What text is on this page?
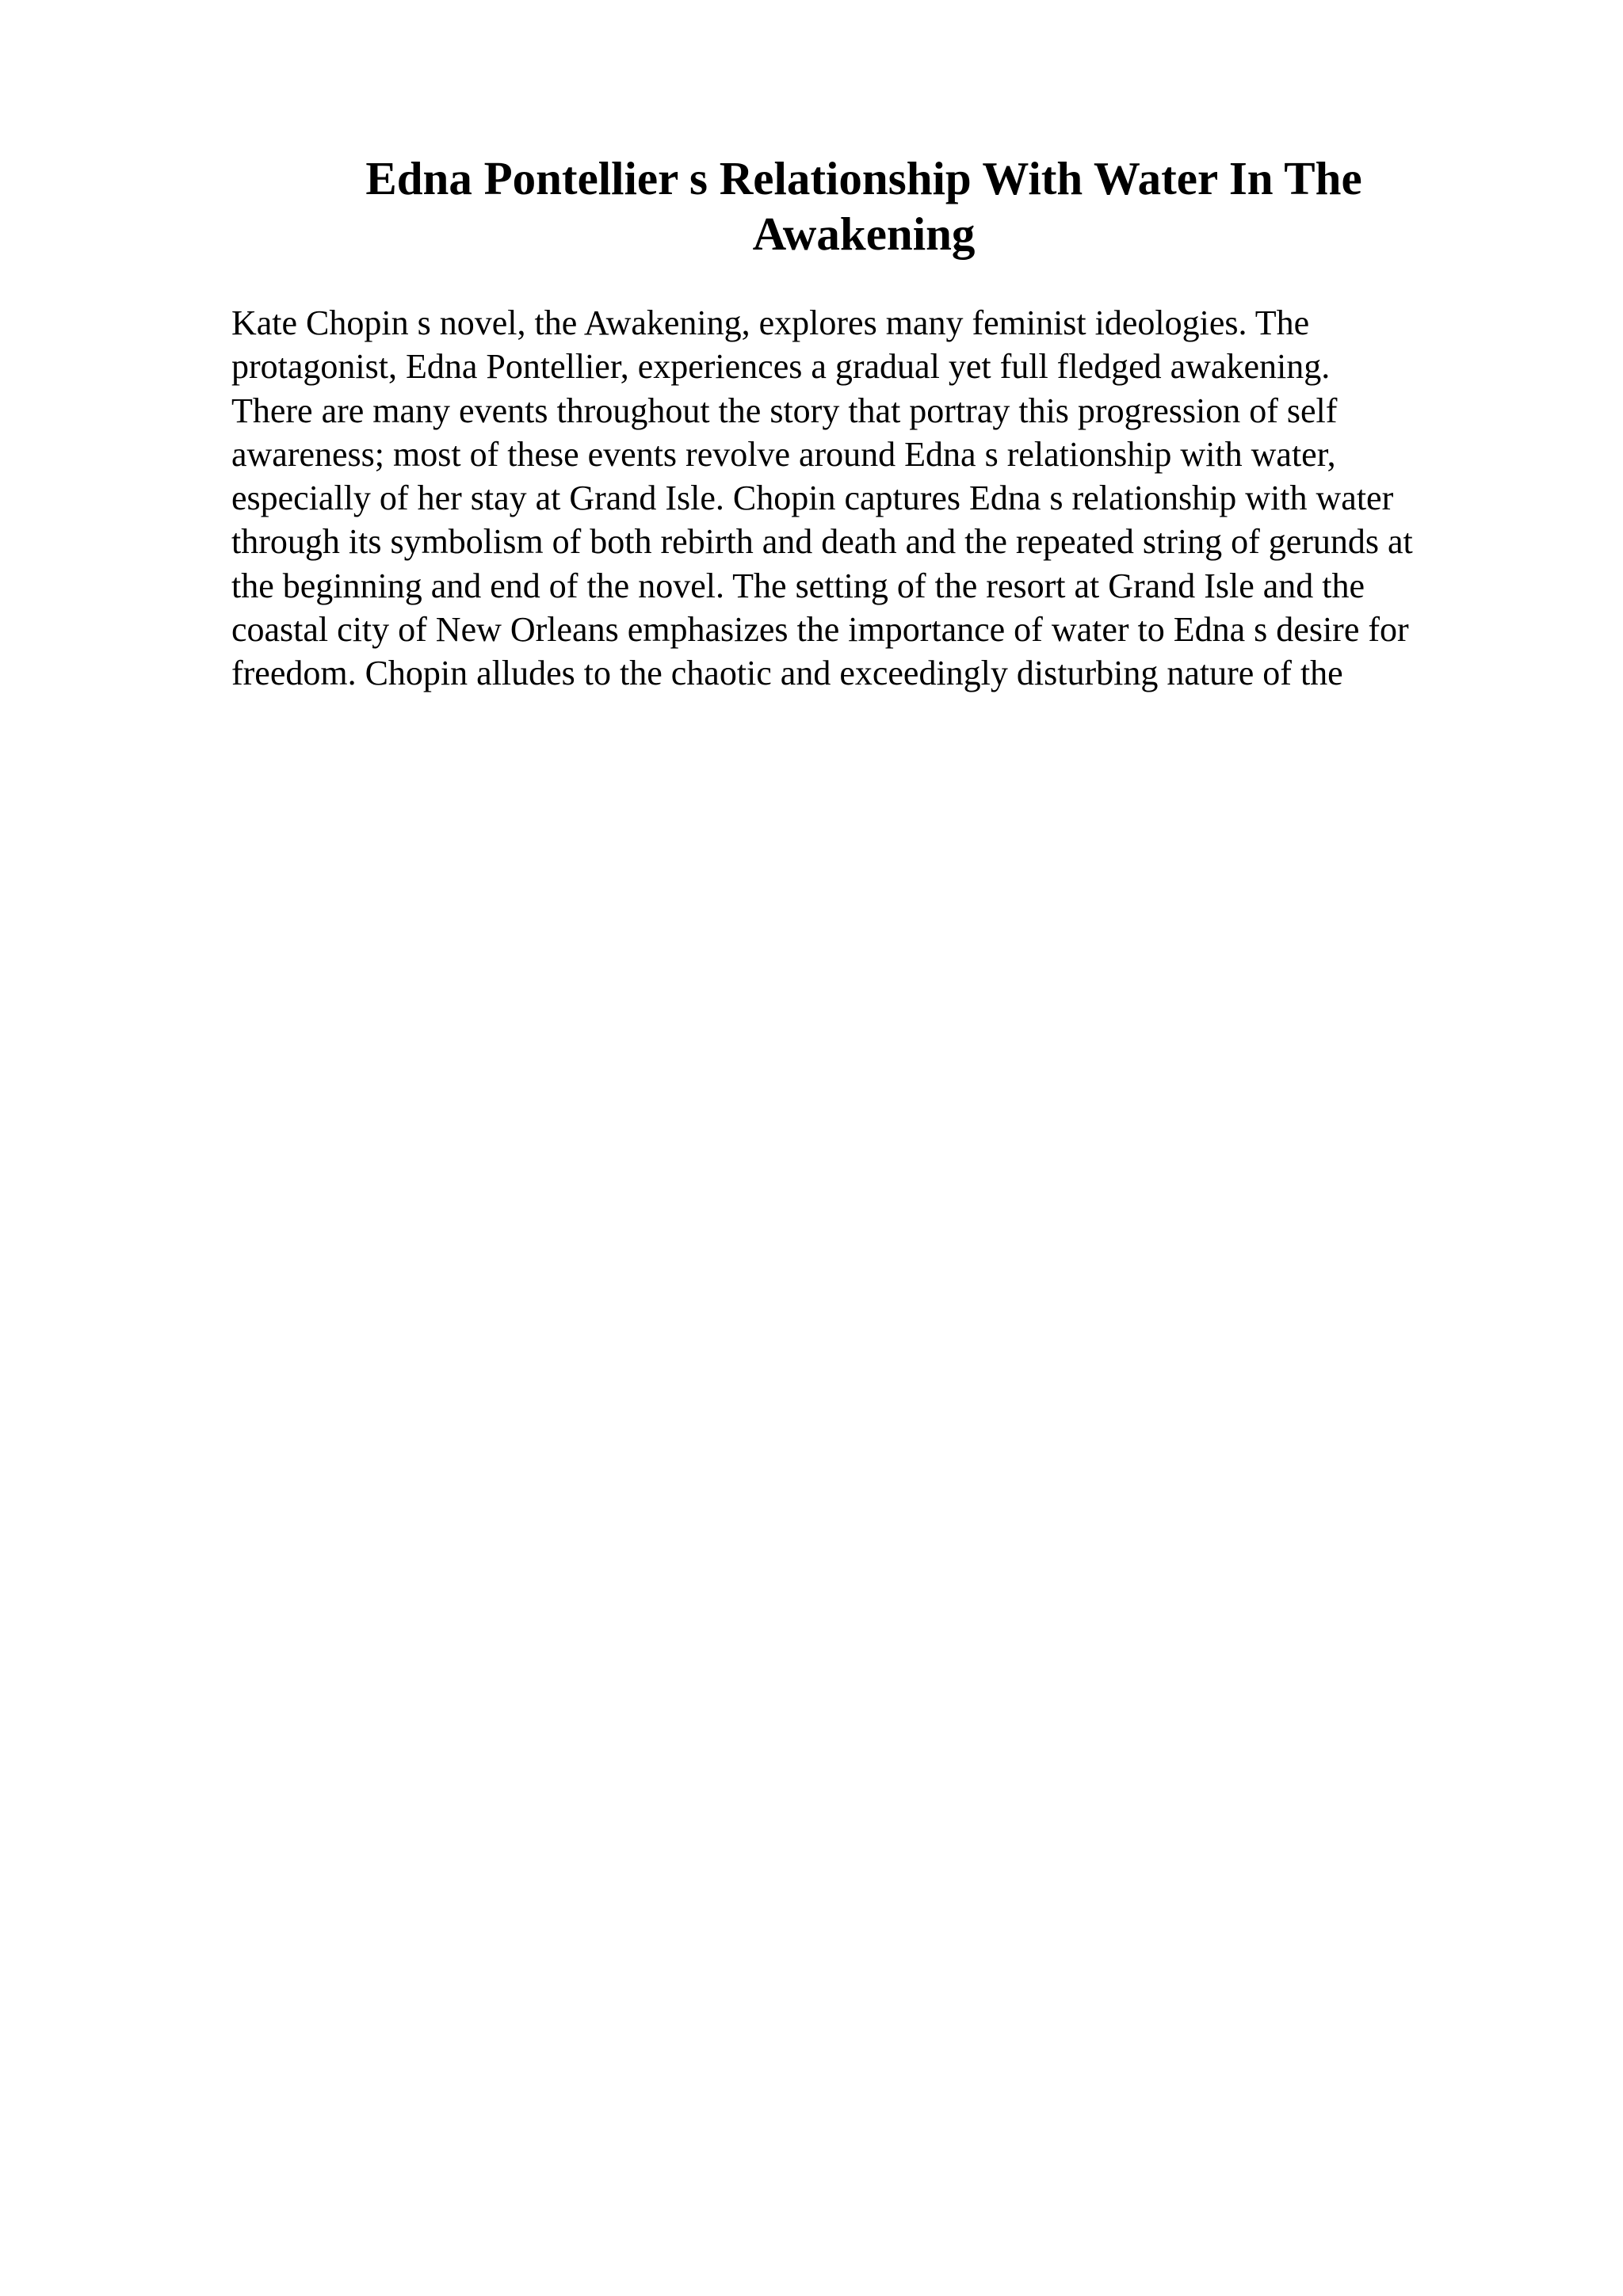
Edna Pontellier s Relationship With Water In The
Awakening
Kate Chopin s novel, the Awakening, explores many feminist ideologies. The
protagonist, Edna Pontellier, experiences a gradual yet full fledged awakening.
There are many events throughout the story that portray this progression of self
awareness; most of these events revolve around Edna s relationship with water,
especially of her stay at Grand Isle. Chopin captures Edna s relationship with water
through its symbolism of both rebirth and death and the repeated string of gerunds at
the beginning and end of the novel. The setting of the resort at Grand Isle and the
coastal city of New Orleans emphasizes the importance of water to Edna s desire for
freedom. Chopin alludes to the chaotic and exceedingly disturbing nature of the
